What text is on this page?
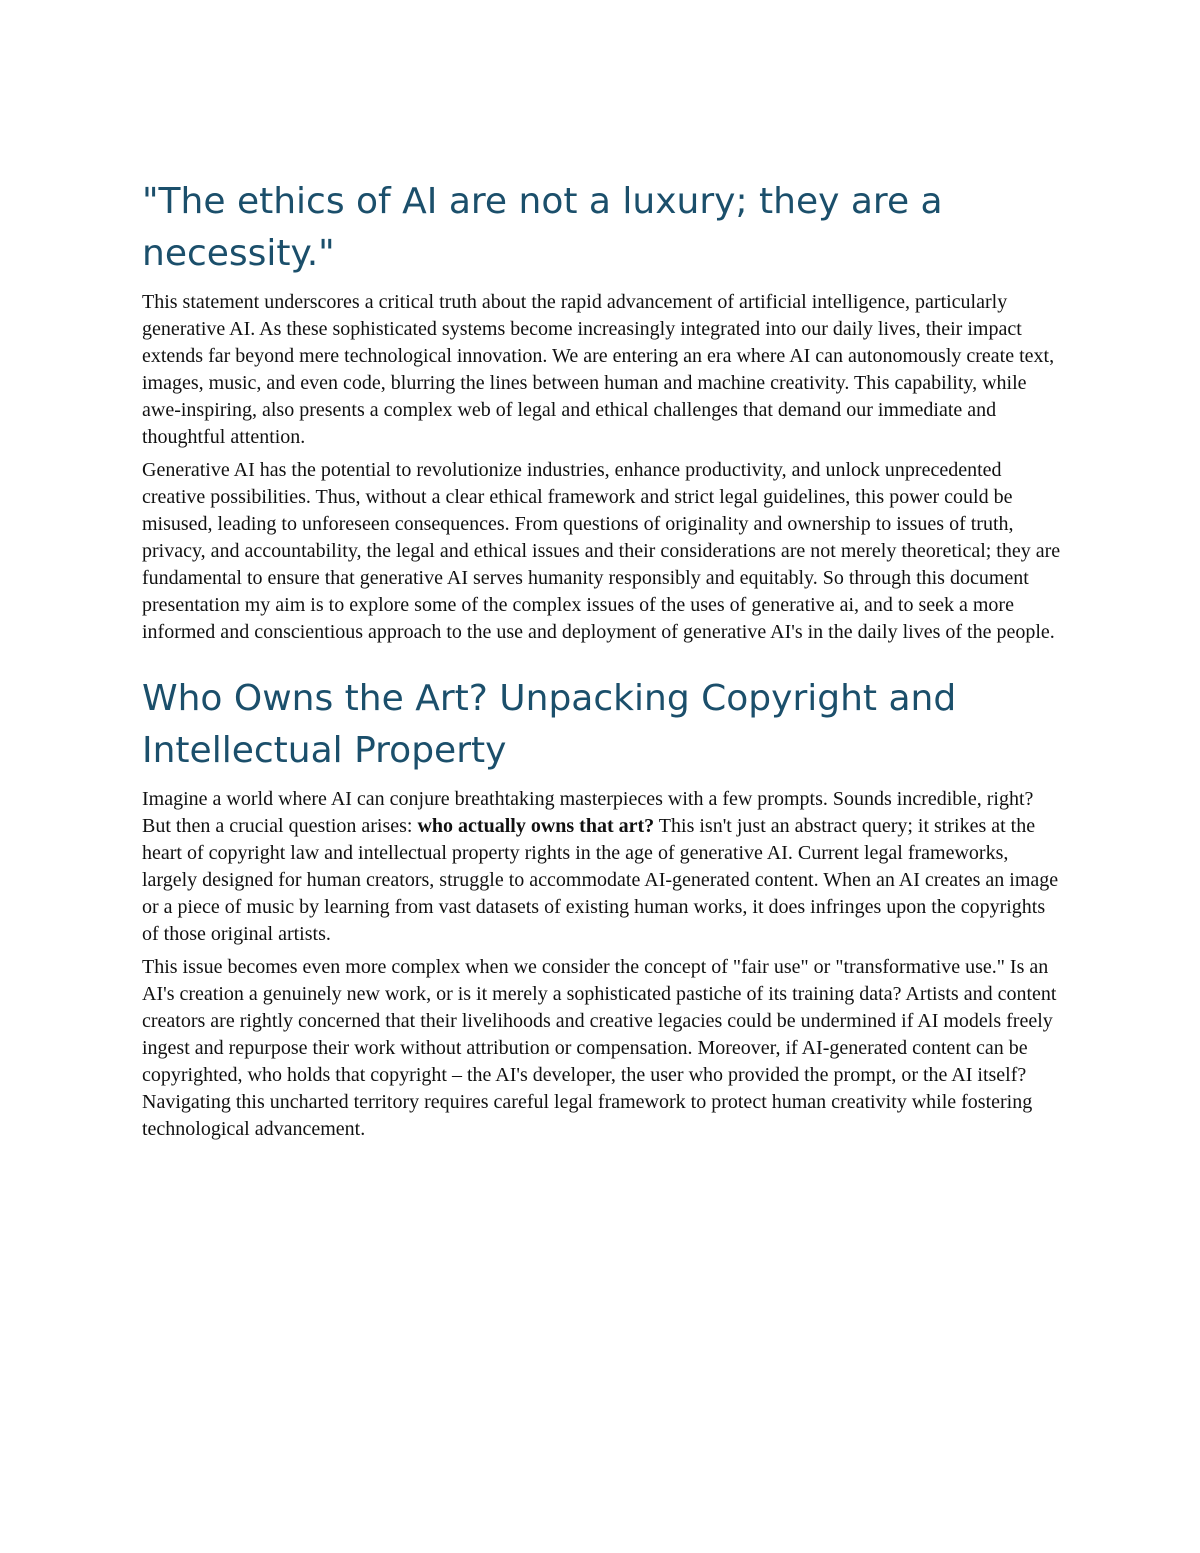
"The ethics of AI are not a luxury; they are a necessity."

This statement underscores a critical truth about the rapid advancement of artificial intelligence, particularly generative AI. As these sophisticated systems become increasingly integrated into our daily lives, their impact extends far beyond mere technological innovation. We are entering an era where AI can autonomously create text, images, music, and even code, blurring the lines between human and machine creativity. This capability, while awe-inspiring, also presents a complex web of legal and ethical challenges that demand our immediate and thoughtful attention.

Generative AI has the potential to revolutionize industries, enhance productivity, and unlock unprecedented creative possibilities. Thus, without a clear ethical framework and strict legal guidelines, this power could be misused, leading to unforeseen consequences. From questions of originality and ownership to issues of truth, privacy, and accountability, the legal and ethical issues and their considerations are not merely theoretical; they are fundamental to ensure that generative AI serves humanity responsibly and equitably. So through this document presentation my aim is to explore some of the complex issues of the uses of generative ai, and to seek a more informed and conscientious approach to the use and deployment of generative AI's in the daily lives of the people.

Who Owns the Art? Unpacking Copyright and Intellectual Property

Imagine a world where AI can conjure breathtaking masterpieces with a few prompts. Sounds incredible, right? But then a crucial question arises: who actually owns that art? This isn't just an abstract query; it strikes at the heart of copyright law and intellectual property rights in the age of generative AI. Current legal frameworks, largely designed for human creators, struggle to accommodate AI-generated content. When an AI creates an image or a piece of music by learning from vast datasets of existing human works, it does infringes upon the copyrights of those original artists.

This issue becomes even more complex when we consider the concept of "fair use" or "transformative use." Is an AI's creation a genuinely new work, or is it merely a sophisticated pastiche of its training data? Artists and content creators are rightly concerned that their livelihoods and creative legacies could be undermined if AI models freely ingest and repurpose their work without attribution or compensation. Moreover, if AI-generated content can be copyrighted, who holds that copyright – the AI's developer, the user who provided the prompt, or the AI itself? Navigating this uncharted territory requires careful legal framework to protect human creativity while fostering technological advancement.
